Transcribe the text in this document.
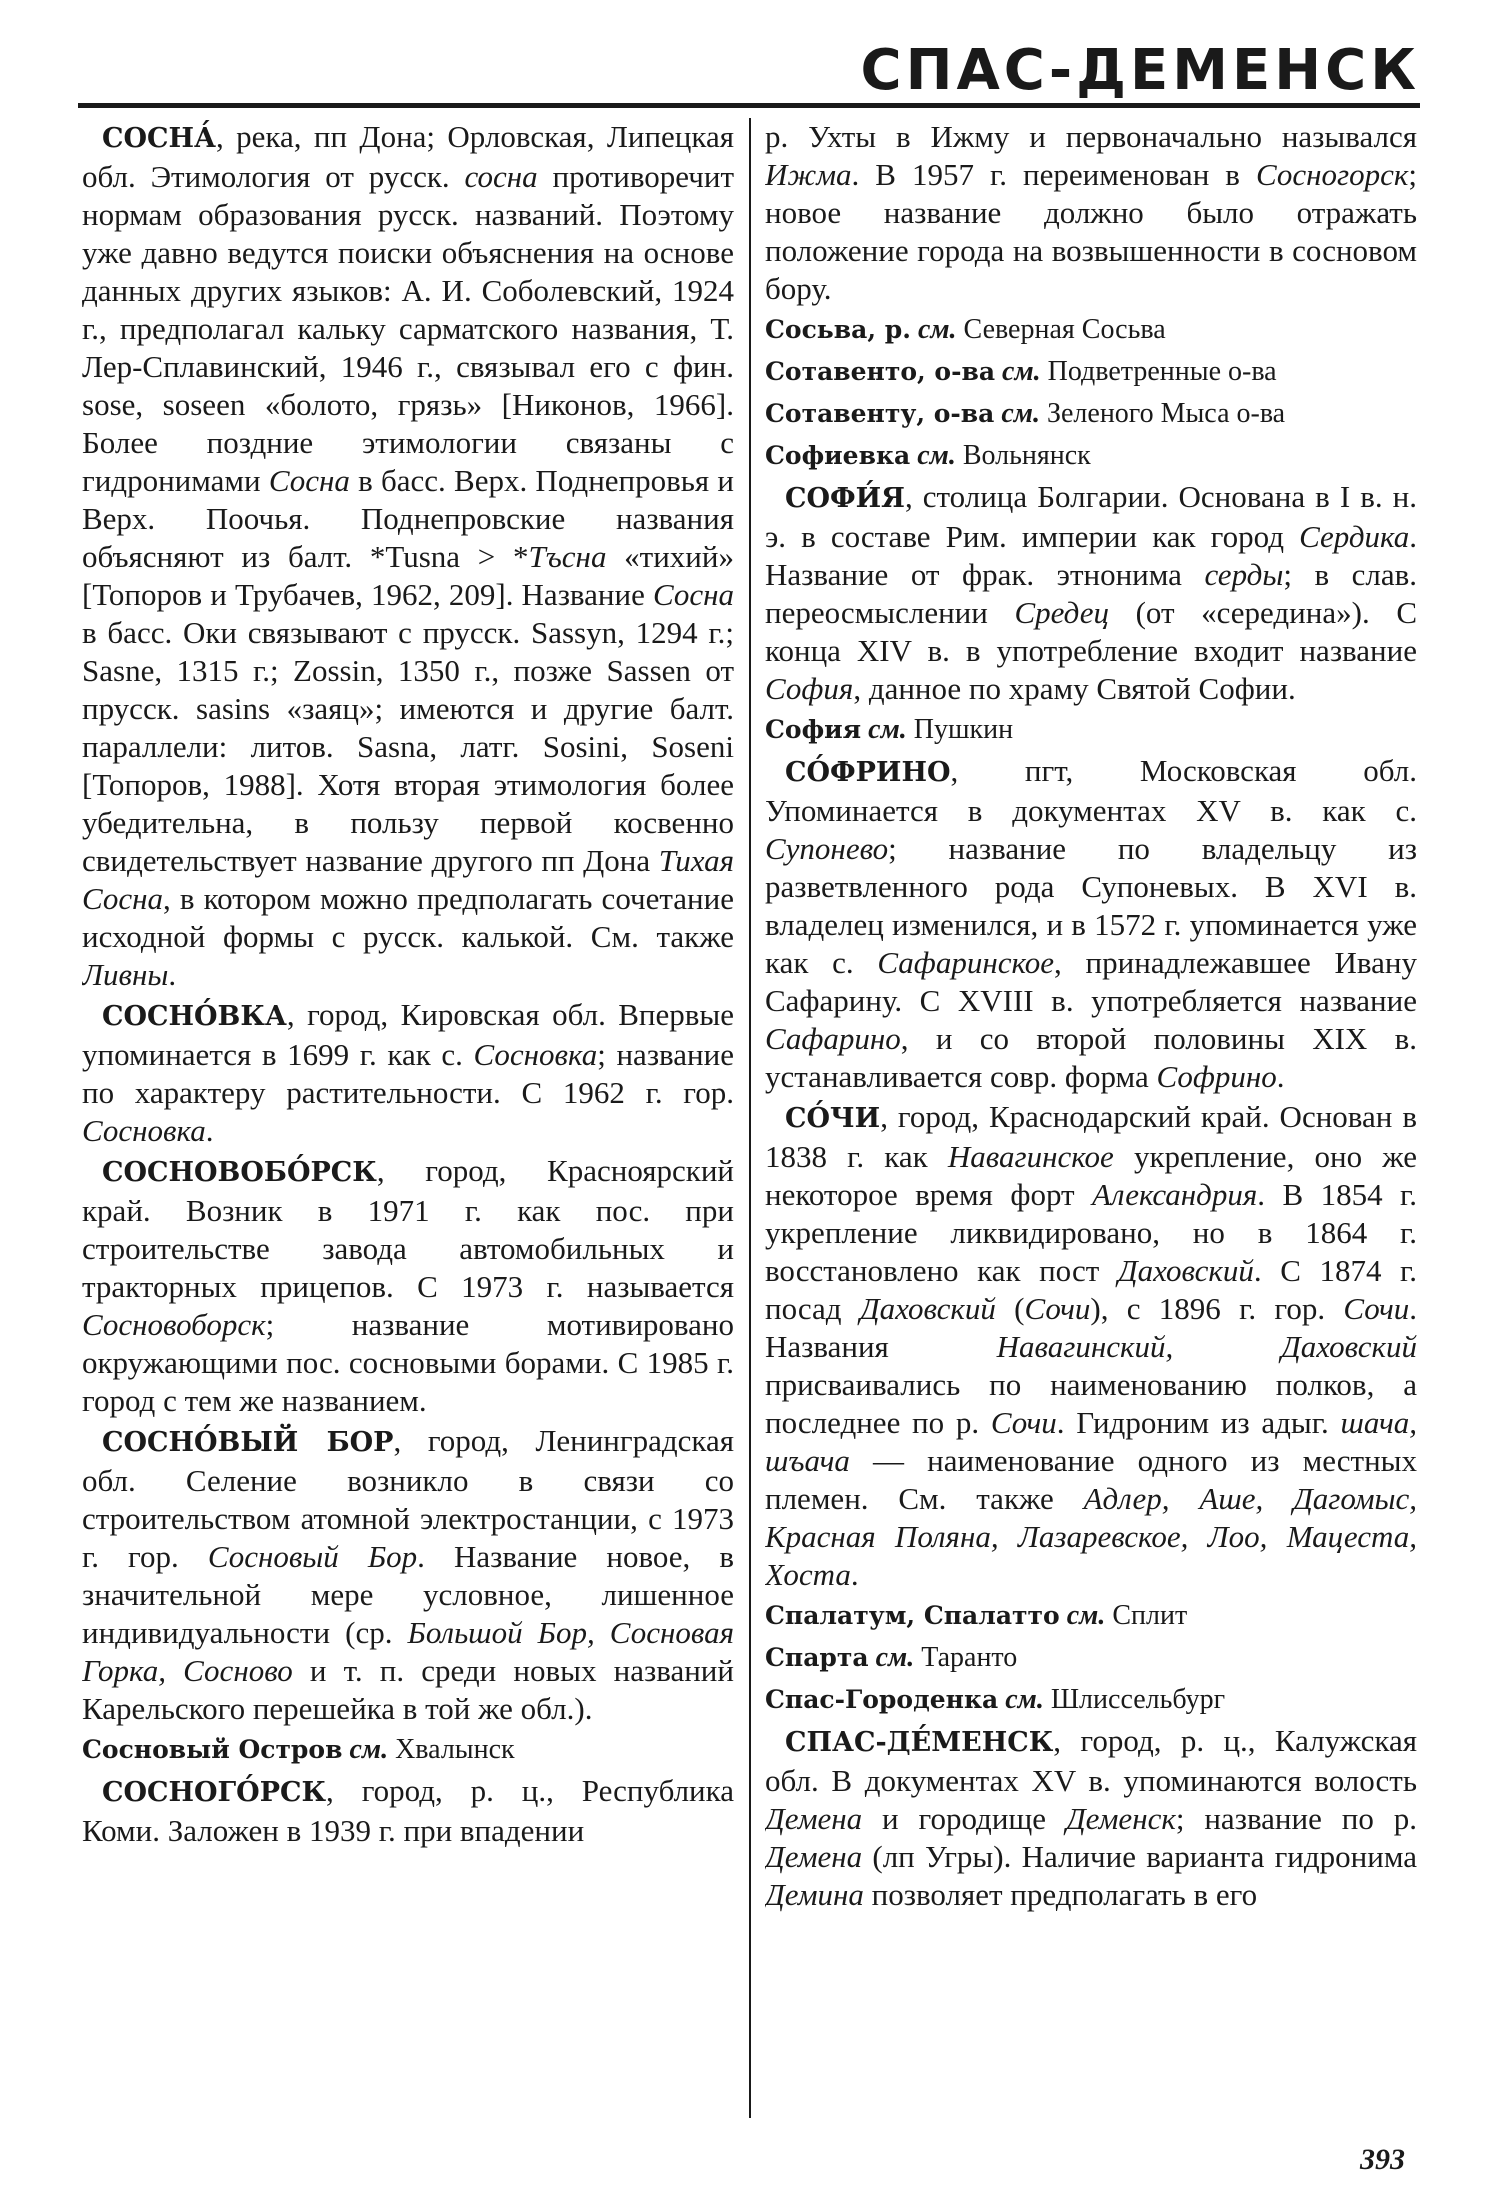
СПАС-ДЕМЕНСК

СОСНА́, река, пп Дона; Орловская, Липецкая обл. Этимология от русск. сосна противоречит нормам образования русск. названий. Поэтому уже давно ведутся поиски объяснения на основе данных других языков: А. И. Соболевский, 1924 г., предполагал кальку сарматского названия, Т. Лер-Сплавинский, 1946 г., связывал его с фин. sose, soseen «болото, грязь» [Никонов, 1966]. Более поздние этимологии связаны с гидронимами Сосна в басс. Верх. Поднепровья и Верх. Поочья. Поднепровские названия объясняют из балт. *Tusna > *Тъсна «тихий» [Топоров и Трубачев, 1962, 209]. Название Сосна в басс. Оки связывают с прусск. Sassyn, 1294 г.; Sasne, 1315 г.; Zossin, 1350 г., позже Sassen от прусск. sasins «заяц»; имеются и другие балт. параллели: литов. Sasna, латг. Sosini, Soseni [Топоров, 1988]. Хотя вторая этимология более убедительна, в пользу первой косвенно свидетельствует название другого пп Дона Тихая Сосна, в котором можно предполагать сочетание исходной формы с русск. калькой. См. также Ливны.

СОСНО́ВКА, город, Кировская обл. Впервые упоминается в 1699 г. как с. Сосновка; название по характеру растительности. С 1962 г. гор. Сосновка.

СОСНОВОБО́РСК, город, Красноярский край. Возник в 1971 г. как пос. при строительстве завода автомобильных и тракторных прицепов. С 1973 г. называется Сосновоборск; название мотивировано окружающими пос. сосновыми борами. С 1985 г. город с тем же названием.

СОСНО́ВЫЙ БОР, город, Ленинградская обл. Селение возникло в связи со строительством атомной электростанции, с 1973 г. гор. Сосновый Бор. Название новое, в значительной мере условное, лишенное индивидуальности (ср. Большой Бор, Сосновая Горка, Сосново и т. п. среди новых названий Карельского перешейка в той же обл.).

Сосновый Остров см. Хвалынск

СОСНОГО́РСК, город, р. ц., Республика Коми. Заложен в 1939 г. при впадении

р. Ухты в Ижму и первоначально назывался Ижма. В 1957 г. переименован в Сосногорск; новое название должно было отражать положение города на возвышенности в сосновом бору.

Сосьва, р. см. Северная Сосьва

Сотавенто, о-ва см. Подветренные о-ва

Сотавенту, о-ва см. Зеленого Мыса о-ва

Софиевка см. Вольнянск

СОФИ́Я, столица Болгарии. Основана в I в. н. э. в составе Рим. империи как город Сердика. Название от фрак. этнонима серды; в слав. переосмыслении Средец (от «середина»). С конца XIV в. в употребление входит название София, данное по храму Святой Софии.

София см. Пушкин

СО́ФРИНО, пгт, Московская обл. Упоминается в документах XV в. как с. Супонево; название по владельцу из разветвленного рода Супоневых. В XVI в. владелец изменился, и в 1572 г. упоминается уже как с. Сафаринское, принадлежавшее Ивану Сафарину. С XVIII в. употребляется название Сафарино, и со второй половины XIX в. устанавливается совр. форма Софрино.

СО́ЧИ, город, Краснодарский край. Основан в 1838 г. как Навагинское укрепление, оно же некоторое время форт Александрия. В 1854 г. укрепление ликвидировано, но в 1864 г. восстановлено как пост Даховский. С 1874 г. посад Даховский (Сочи), с 1896 г. гор. Сочи. Названия Навагинский, Даховский присваивались по наименованию полков, а последнее по р. Сочи. Гидроним из адыг. шача, шъача — наименование одного из местных племен. См. также Адлер, Аше, Дагомыс, Красная Поляна, Лазаревское, Лоо, Мацеста, Хоста.

Спалатум, Спалатто см. Сплит

Спарта см. Таранто

Спас-Городенка см. Шлиссельбург

СПАС-ДЕ́МЕНСК, город, р. ц., Калужская обл. В документах XV в. упоминаются волость Демена и городище Деменск; название по р. Демена (лп Угры). Наличие варианта гидронима Демина позволяет предполагать в его

393
